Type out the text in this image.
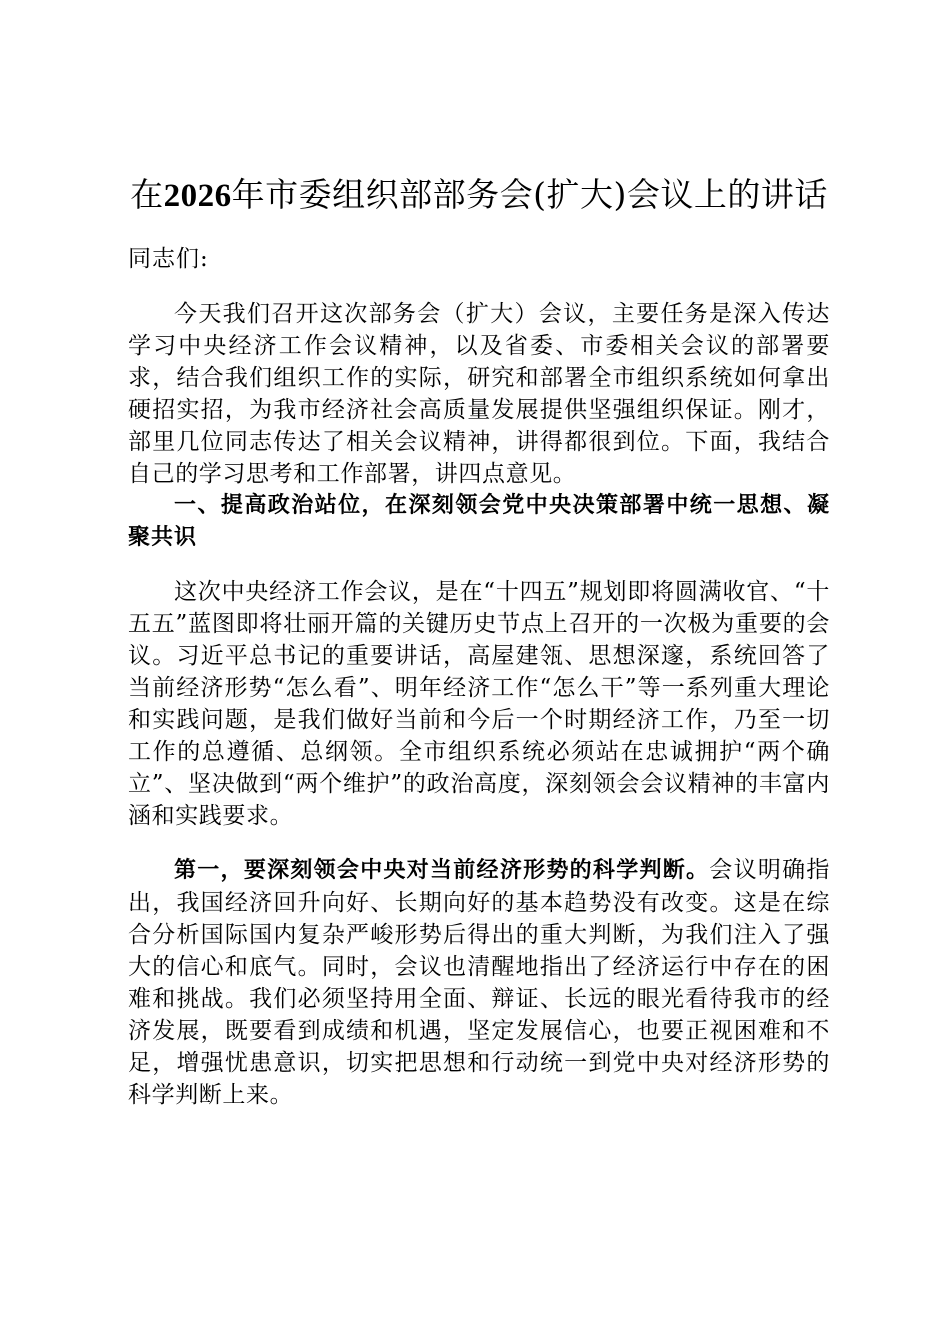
在2026年市委组织部部务会(扩大)会议上的讲话

同志们:

今天我们召开这次部务会（扩大）会议，主要任务是深入传达学习中央经济工作会议精神，以及省委、市委相关会议的部署要求，结合我们组织工作的实际，研究和部署全市组织系统如何拿出硬招实招，为我市经济社会高质量发展提供坚强组织保证。刚才，部里几位同志传达了相关会议精神，讲得都很到位。下面，我结合自己的学习思考和工作部署，讲四点意见。

一、提高政治站位，在深刻领会党中央决策部署中统一思想、凝聚共识

这次中央经济工作会议，是在“十四五”规划即将圆满收官、“十五五”蓝图即将壮丽开篇的关键历史节点上召开的一次极为重要的会议。习近平总书记的重要讲话，高屋建瓴、思想深邃，系统回答了当前经济形势“怎么看”、明年经济工作“怎么干”等一系列重大理论和实践问题，是我们做好当前和今后一个时期经济工作，乃至一切工作的总遵循、总纲领。全市组织系统必须站在忠诚拥护“两个确立”、坚决做到“两个维护”的政治高度，深刻领会会议精神的丰富内涵和实践要求。

第一，要深刻领会中央对当前经济形势的科学判断。会议明确指出，我国经济回升向好、长期向好的基本趋势没有改变。这是在综合分析国际国内复杂严峻形势后得出的重大判断，为我们注入了强大的信心和底气。同时，会议也清醒地指出了经济运行中存在的困难和挑战。我们必须坚持用全面、辩证、长远的眼光看待我市的经济发展，既要看到成绩和机遇，坚定发展信心，也要正视困难和不足，增强忧患意识，切实把思想和行动统一到党中央对经济形势的科学判断上来。
